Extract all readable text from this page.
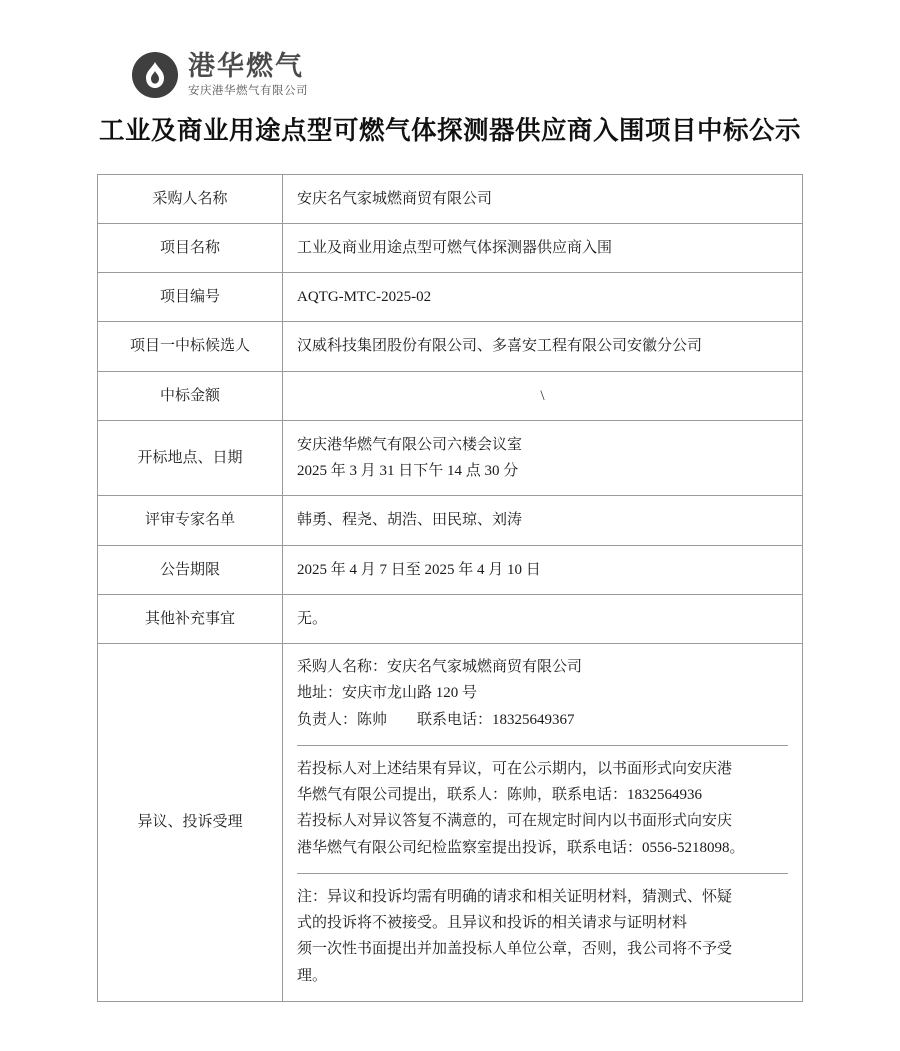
港华燃气
安庆港华燃气有限公司
工业及商业用途点型可燃气体探测器供应商入围项目中标公示
采购人名称	安庆名气家城燃商贸有限公司
项目名称	工业及商业用途点型可燃气体探测器供应商入围
项目编号	AQTG-MTC-2025-02
项目一中标候选人	汉威科技集团股份有限公司、多喜安工程有限公司安徽分公司
中标金额	\
开标地点、日期	安庆港华燃气有限公司六楼会议室
2025 年 3 月 31 日下午 14 点 30 分

评审专家名单	韩勇、程尧、胡浩、田民琼、刘涛
公告期限	2025 年 4 月 7 日至 2025 年 4 月 10 日
其他补充事宜	无。
异议、投诉受理	
采购人名称：安庆名气家城燃商贸有限公司
地址：安庆市龙山路 120 号
负责人：陈帅        联系电话：18325649367
若投标人对上述结果有异议，可在公示期内，以书面形式向安庆港
华燃气有限公司提出，联系人：陈帅，联系电话：1832564936
若投标人对异议答复不满意的，可在规定时间内以书面形式向安庆
港华燃气有限公司纪检监察室提出投诉，联系电话：0556-5218098。
注：异议和投诉均需有明确的请求和相关证明材料，猜测式、怀疑
式的投诉将不被接受。且异议和投诉的相关请求与证明材料
须一次性书面提出并加盖投标人单位公章，否则，我公司将不予受
理。
